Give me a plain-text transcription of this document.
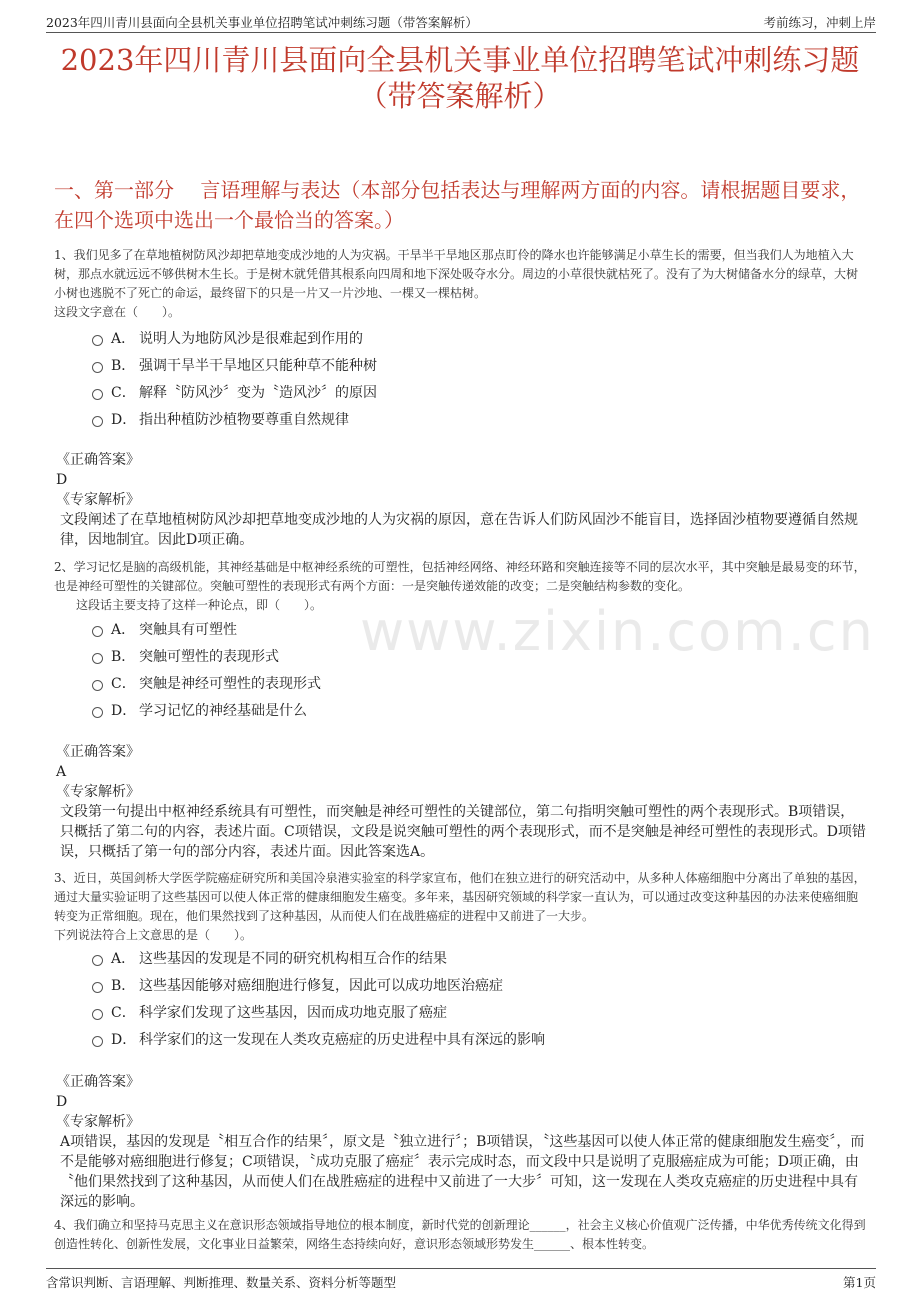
2023年四川青川县面向全县机关事业单位招聘笔试冲刺练习题（带答案解析）	考前练习，冲刺上岸
2023年四川青川县面向全县机关事业单位招聘笔试冲刺练习题
（带答案解析）
一、第一部分　 言语理解与表达（本部分包括表达与理解两方面的内容。请根据题目要求，在四个选项中选出一个最恰当的答案。）
1、我们见多了在草地植树防风沙却把草地变成沙地的人为灾祸。干旱半干旱地区那点盯伶的降水也许能够满足小草生长的需要，但当我们人为地植入大树，那点水就远远不够供树木生长。于是树木就凭借其根系向四周和地下深处吸夺水分。周边的小草很快就枯死了。没有了为大树储备水分的绿草，大树小树也逃脱不了死亡的命运，最终留下的只是一片又一片沙地、一棵又一棵枯树。
这段文字意在（　　）。
A． 说明人为地防风沙是很难起到作用的
B． 强调干旱半干旱地区只能种草不能种树
C． 解释〝防风沙〞变为〝造风沙〞的原因
D． 指出种植防沙植物要尊重自然规律
《正确答案》
D
《专家解析》
文段阐述了在草地植树防风沙却把草地变成沙地的人为灾祸的原因，意在告诉人们防风固沙不能盲目，选择固沙植物要遵循自然规律，因地制宜。因此D项正确。
2、学习记忆是脑的高级机能，其神经基础是中枢神经系统的可塑性，包括神经网络、神经环路和突触连接等不同的层次水平，其中突触是最易变的环节，也是神经可塑性的关键部位。突触可塑性的表现形式有两个方面：一是突触传递效能的改变；二是突触结构参数的变化。
这段话主要支持了这样一种论点，即（　　）。
A． 突触具有可塑性
B． 突触可塑性的表现形式
C． 突触是神经可塑性的表现形式
D． 学习记忆的神经基础是什么
《正确答案》
A
《专家解析》
文段第一句提出中枢神经系统具有可塑性，而突触是神经可塑性的关键部位，第二句指明突触可塑性的两个表现形式。B项错误，只概括了第二句的内容，表述片面。C项错误，文段是说突触可塑性的两个表现形式，而不是突触是神经可塑性的表现形式。D项错误，只概括了第一句的部分内容，表述片面。因此答案选A。
3、近日，英国剑桥大学医学院癌症研究所和美国冷泉港实验室的科学家宣布，他们在独立进行的研究活动中，从多种人体癌细胞中分离出了单独的基因，通过大量实验证明了这些基因可以使人体正常的健康细胞发生癌变。多年来，基因研究领域的科学家一直认为，可以通过改变这种基因的办法来使癌细胞转变为正常细胞。现在，他们果然找到了这种基因，从而使人们在战胜癌症的进程中又前进了一大步。
下列说法符合上文意思的是（　　）。
A． 这些基因的发现是不同的研究机构相互合作的结果
B． 这些基因能够对癌细胞进行修复，因此可以成功地医治癌症
C． 科学家们发现了这些基因，因而成功地克服了癌症
D． 科学家们的这一发现在人类攻克癌症的历史进程中具有深远的影响
《正确答案》
D
《专家解析》
A项错误，基因的发现是〝相互合作的结果〞，原文是〝独立进行〞；B项错误，〝这些基因可以使人体正常的健康细胞发生癌变〞，而不是能够对癌细胞进行修复；C项错误，〝成功克服了癌症〞表示完成时态，而文段中只是说明了克服癌症成为可能；D项正确，由〝他们果然找到了这种基因，从而使人们在战胜癌症的进程中又前进了一大步〞可知，这一发现在人类攻克癌症的历史进程中具有深远的影响。
4、我们确立和坚持马克思主义在意识形态领域指导地位的根本制度，新时代党的创新理论______，社会主义核心价值观广泛传播，中华优秀传统文化得到创造性转化、创新性发展，文化事业日益繁荣，网络生态持续向好，意识形态领域形势发生______、根本性转变。
www.zixin.com.cn
含常识判断、言语理解、判断推理、数量关系、资料分析等题型	第1页
